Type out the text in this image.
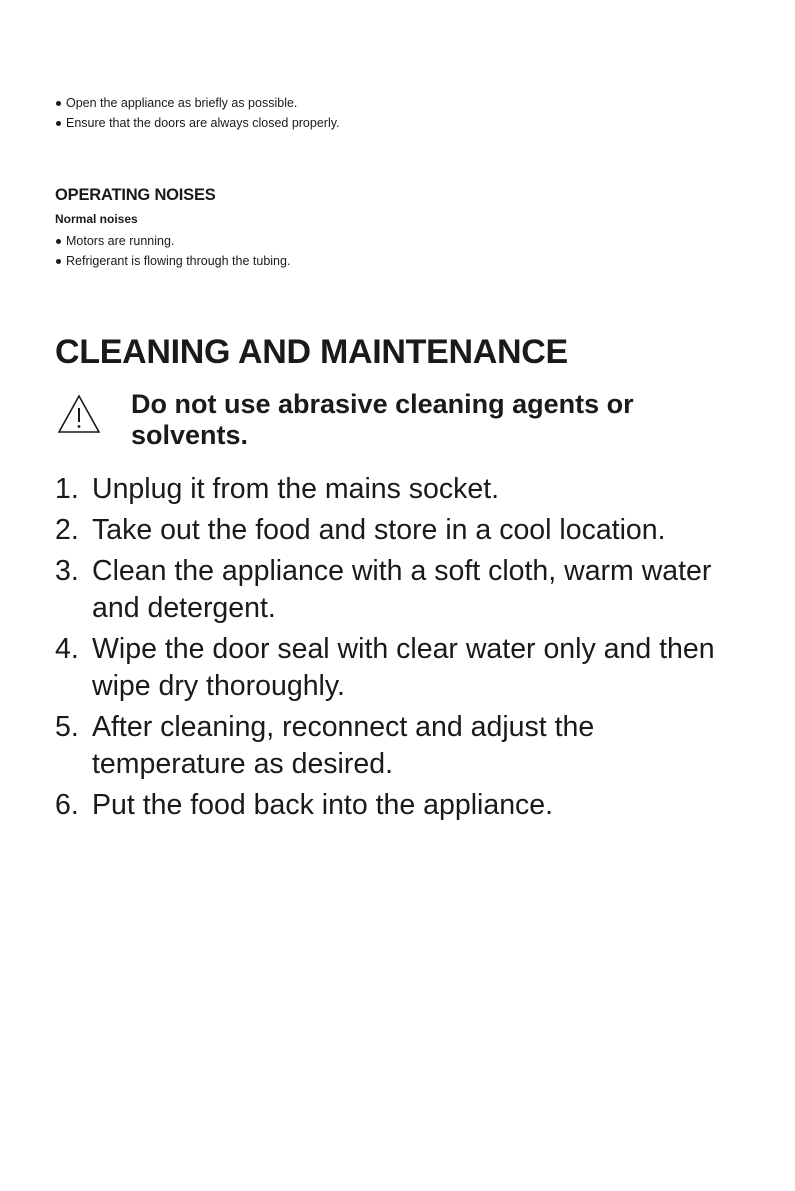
Open the appliance as briefly as possible.
Ensure that the doors are always closed properly.
OPERATING NOISES
Normal noises
Motors are running.
Refrigerant is flowing through the tubing.
CLEANING AND MAINTENANCE

Do not use abrasive cleaning agents or solvents.

1. Unplug it from the mains socket.
2. Take out the food and store in a cool location.
3. Clean the appliance with a soft cloth, warm water and detergent.
4. Wipe the door seal with clear water only and then wipe dry thoroughly.
5. After cleaning, reconnect and adjust the temperature as desired.
6. Put the food back into the appliance.
